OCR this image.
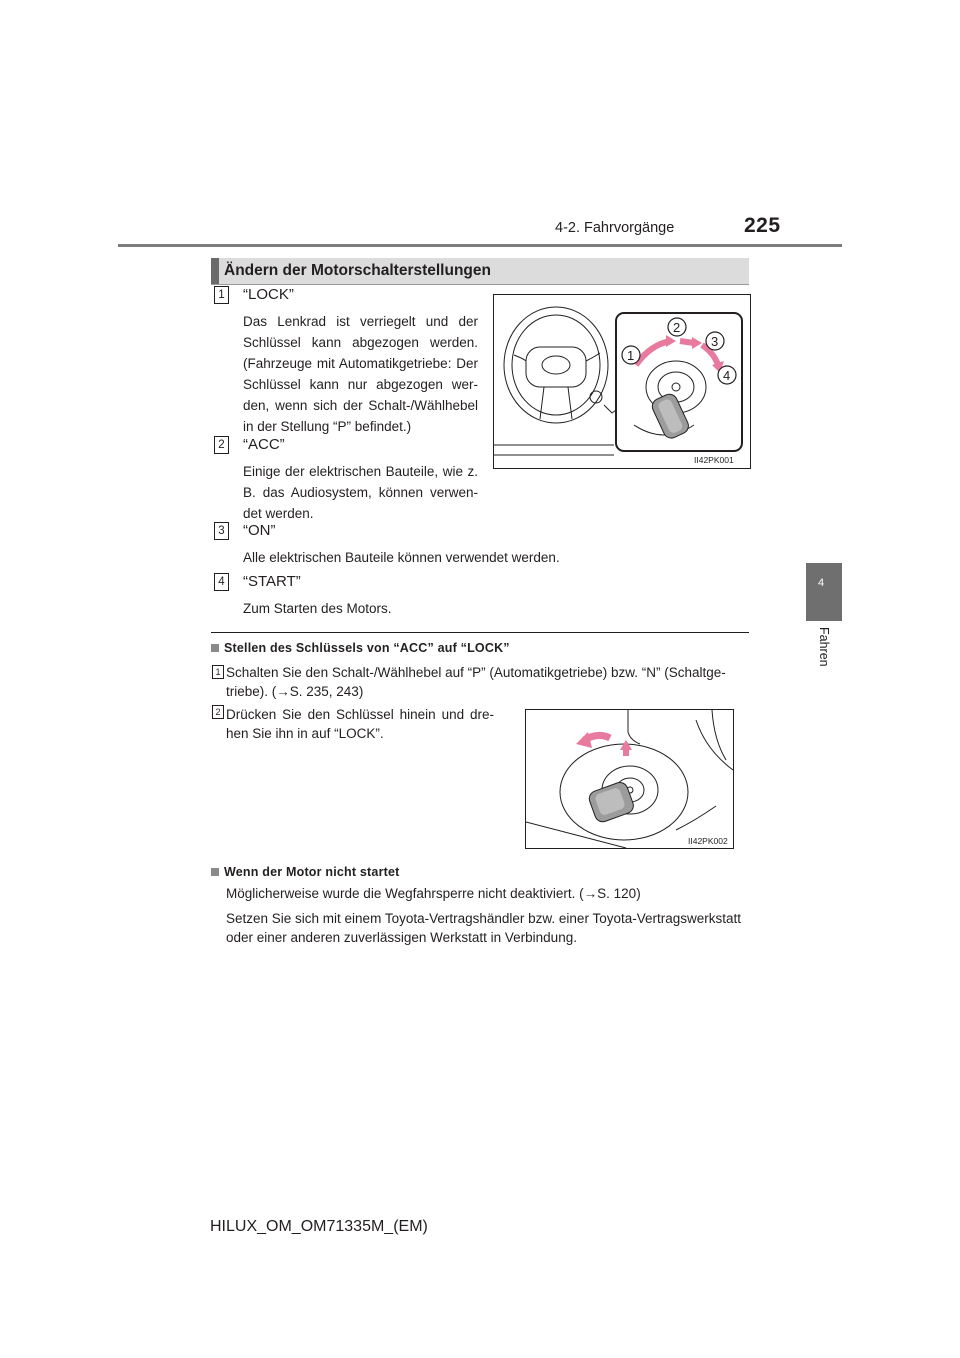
4-2. Fahrvorgänge	225
4
Fahren
Ändern der Motorschalterstellungen
1 “LOCK”
Das Lenkrad ist verriegelt und der Schlüssel kann abgezogen werden. (Fahrzeuge mit Automatikgetriebe: Der Schlüssel kann nur abgezogen wer-den, wenn sich der Schalt-/Wählhebel in der Stellung “P” befindet.)
2 “ACC”
Einige der elektrischen Bauteile, wie z. B. das Audiosystem, können verwen-det werden.
3 “ON”
Alle elektrischen Bauteile können verwendet werden.
4 “START”
Zum Starten des Motors.
1
2
3
4
II42PK001
Stellen des Schlüssels von “ACC” auf “LOCK”
1 Schalten Sie den Schalt-/Wählhebel auf “P” (Automatikgetriebe) bzw. “N” (Schaltge-triebe). (→S. 235, 243)
2 Drücken Sie den Schlüssel hinein und dre-hen Sie ihn in auf “LOCK”.
II42PK002
Wenn der Motor nicht startet
Möglicherweise wurde die Wegfahrsperre nicht deaktiviert. (→S. 120)
Setzen Sie sich mit einem Toyota-Vertragshändler bzw. einer Toyota-Vertragswerkstatt oder einer anderen zuverlässigen Werkstatt in Verbindung.
HILUX_OM_OM71335M_(EM)
